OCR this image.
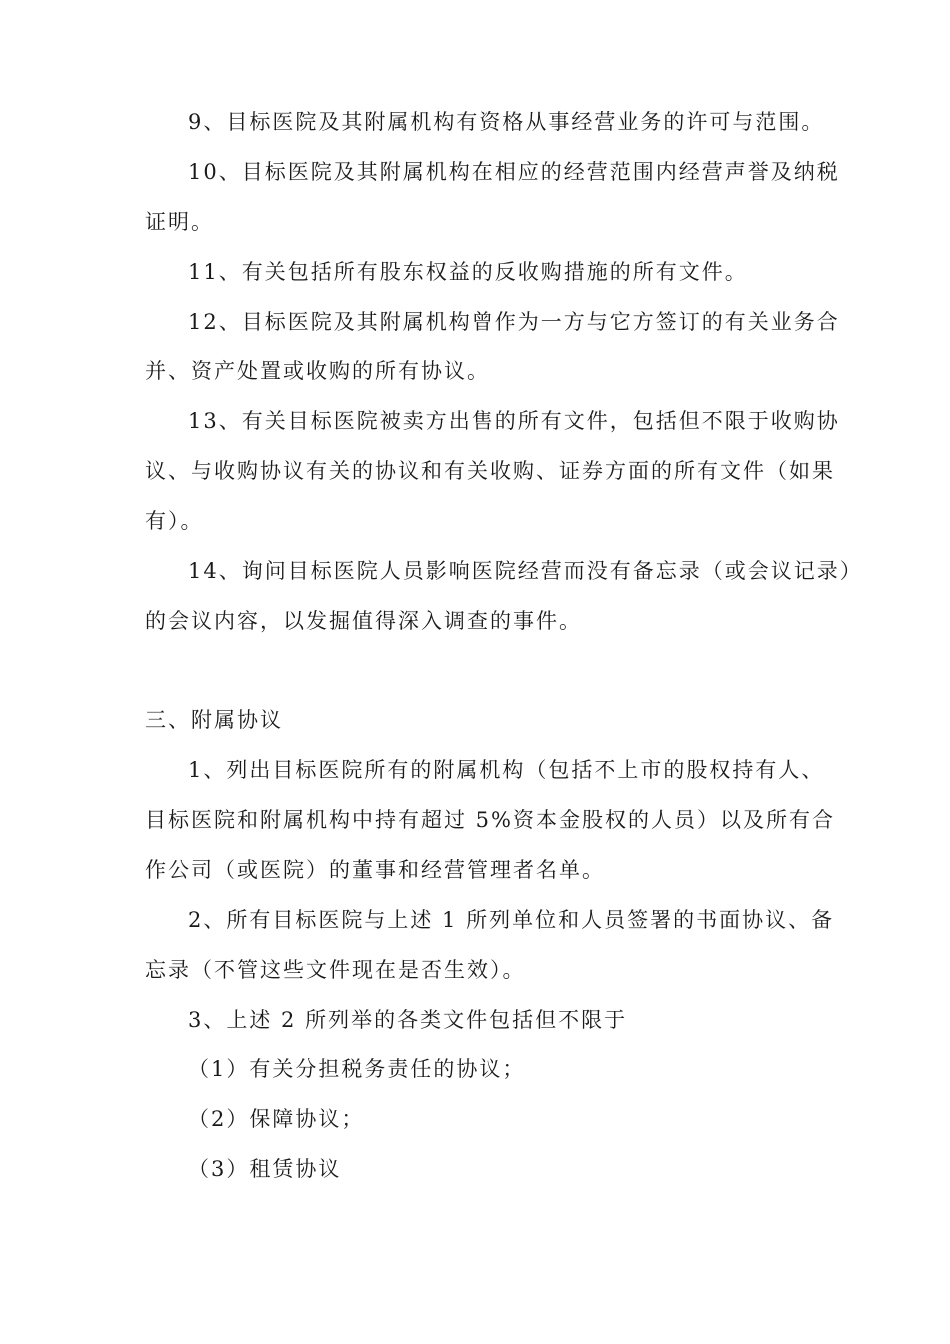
9、目标医院及其附属机构有资格从事经营业务的许可与范围。
10、目标医院及其附属机构在相应的经营范围内经营声誉及纳税
证明。
11、有关包括所有股东权益的反收购措施的所有文件。
12、目标医院及其附属机构曾作为一方与它方签订的有关业务合
并、资产处置或收购的所有协议。
13、有关目标医院被卖方出售的所有文件，包括但不限于收购协
议、与收购协议有关的协议和有关收购、证券方面的所有文件（如果
有）。
14、询问目标医院人员影响医院经营而没有备忘录（或会议记录）
的会议内容，以发掘值得深入调查的事件。
三、附属协议
1、列出目标医院所有的附属机构（包括不上市的股权持有人、
目标医院和附属机构中持有超过 5%资本金股权的人员）以及所有合
作公司（或医院）的董事和经营管理者名单。
2、所有目标医院与上述 1 所列单位和人员签署的书面协议、备
忘录（不管这些文件现在是否生效）。
3、上述 2 所列举的各类文件包括但不限于
（1）有关分担税务责任的协议；
（2）保障协议；
（3）租赁协议
